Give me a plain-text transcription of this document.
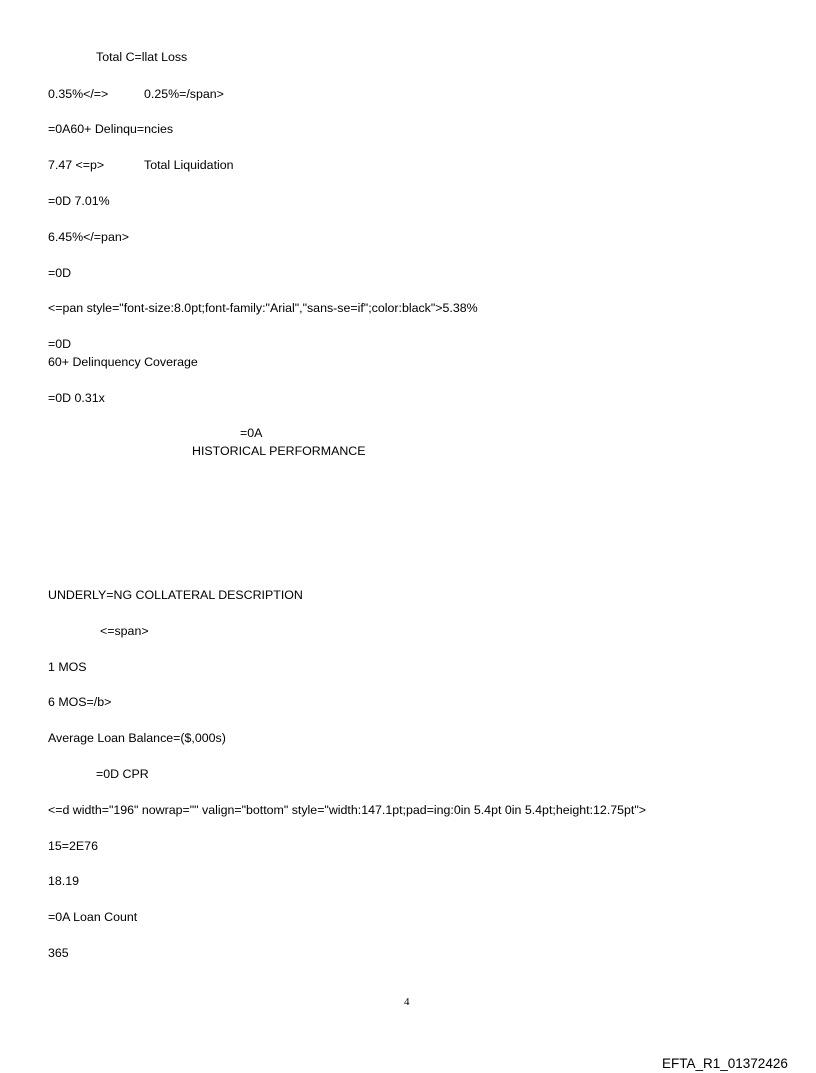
Total C=llat Loss
0.35%</=>	0.25%=/span>
=0A60+ Delinqu=ncies
7.47 <=p>	Total Liquidation
=0D 7.01%
6.45%</=pan>
=0D
<=pan style="font-size:8.0pt;font-family:"Arial","sans-se=if";color:black">5.38%
=0D
60+ Delinquency Coverage
=0D 0.31x
=0A
HISTORICAL PERFORMANCE
UNDERLY=NG COLLATERAL DESCRIPTION
<=span>
1 MOS
6 MOS=/b>
Average Loan Balance=($,000s)
=0D CPR
<=d width="196" nowrap="" valign="bottom" style="width:147.1pt;pad=ing:0in 5.4pt 0in 5.4pt;height:12.75pt">
15=2E76
18.19
=0A Loan Count
365
4
EFTA_R1_01372426
